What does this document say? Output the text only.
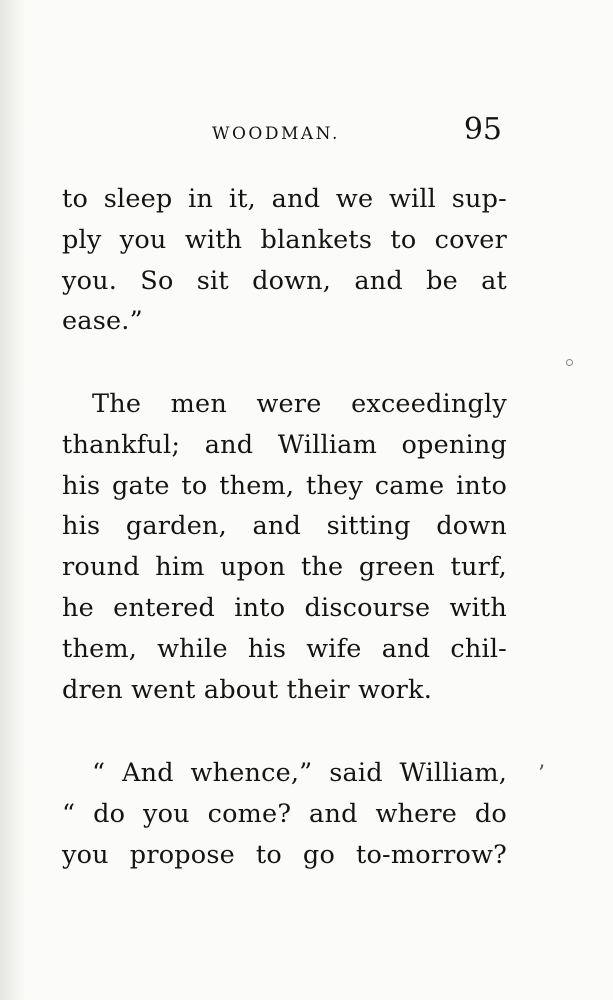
WOODMAN.	95
to sleep in it, and we will sup-
ply you with blankets to cover
you. So sit down, and be at
ease.”
The men were exceedingly
thankful; and William opening
his gate to them, they came into
his garden, and sitting down
round him upon the green turf,
he entered into discourse with
them, while his wife and chil-
dren went about their work.
“ And whence,” said William,
“ do you come? and where do
you propose to go to-morrow?
’
